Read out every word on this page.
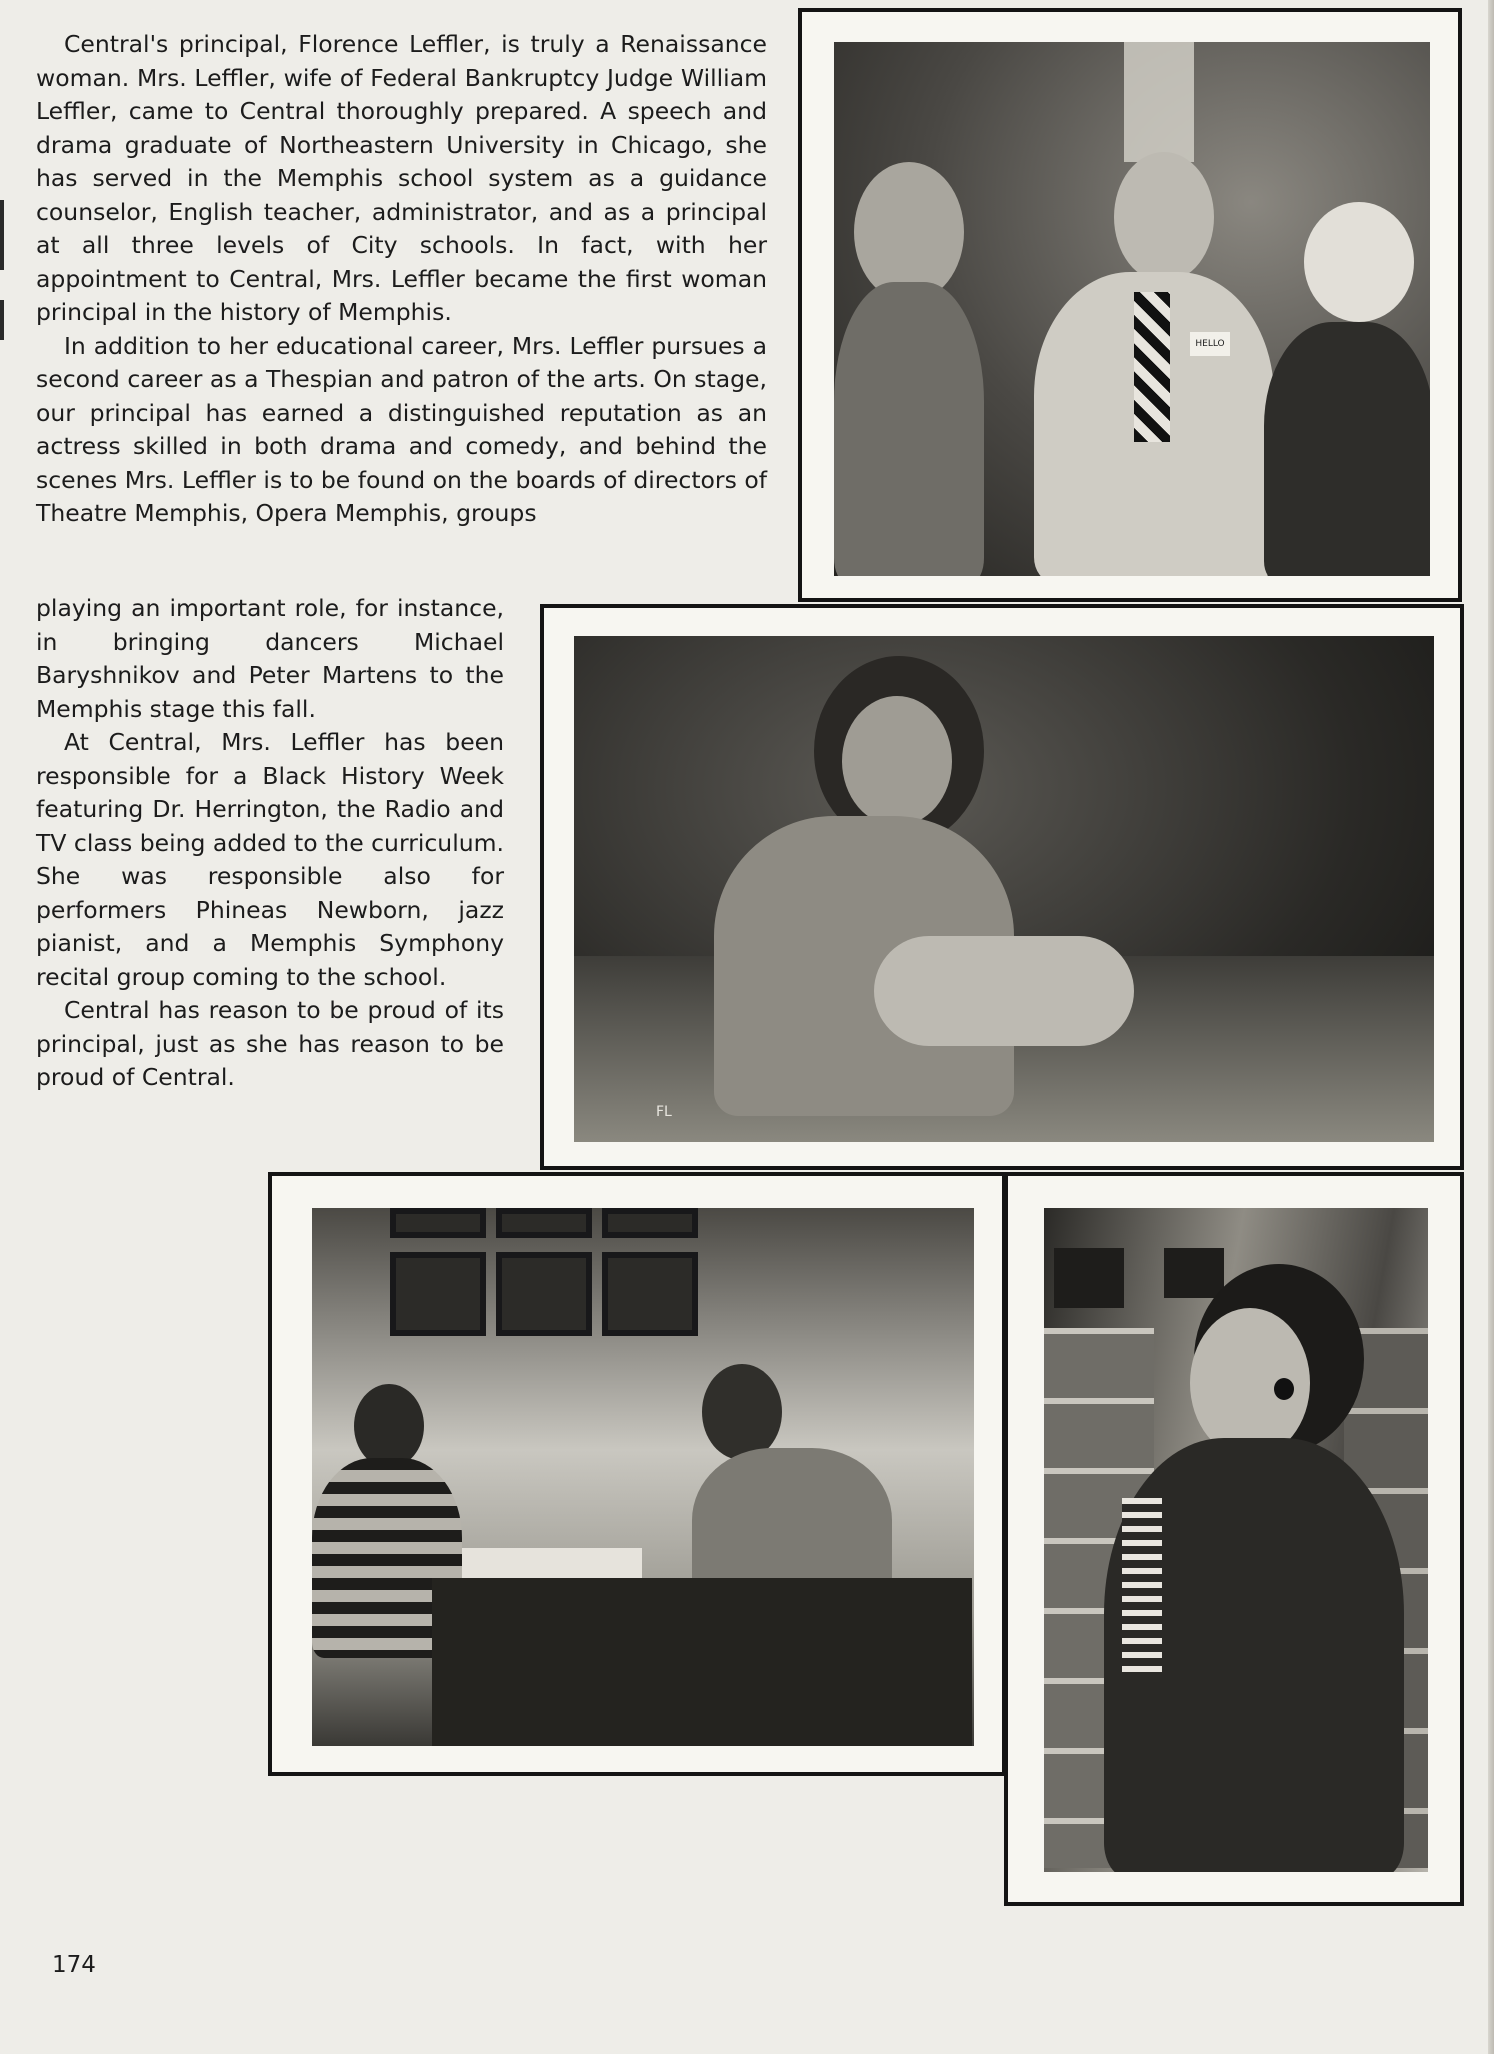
Central's principal, Florence Leffler, is truly a Renaissance woman. Mrs. Leffler, wife of Federal Bankruptcy Judge William Leffler, came to Central thoroughly prepared. A speech and drama graduate of Northeastern University in Chicago, she has served in the Memphis school system as a guidance counselor, English teacher, administrator, and as a principal at all three levels of City schools. In fact, with her appointment to Central, Mrs. Leffler became the first woman principal in the history of Memphis.

In addition to her educational career, Mrs. Leffler pursues a second career as a Thespian and patron of the arts. On stage, our principal has earned a distinguished reputation as an actress skilled in both drama and comedy, and behind the scenes Mrs. Leffler is to be found on the boards of directors of Theatre Memphis, Opera Memphis, groups

playing an important role, for instance, in bringing dancers Michael Baryshnikov and Peter Martens to the Memphis stage this fall.

At Central, Mrs. Leffler has been responsible for a Black History Week featuring Dr. Herrington, the Radio and TV class being added to the curriculum. She was responsible also for performers Phineas Newborn, jazz pianist, and a Memphis Symphony recital group coming to the school.

Central has reason to be proud of its principal, just as she has reason to be proud of Central.

HELLO
FL
174
